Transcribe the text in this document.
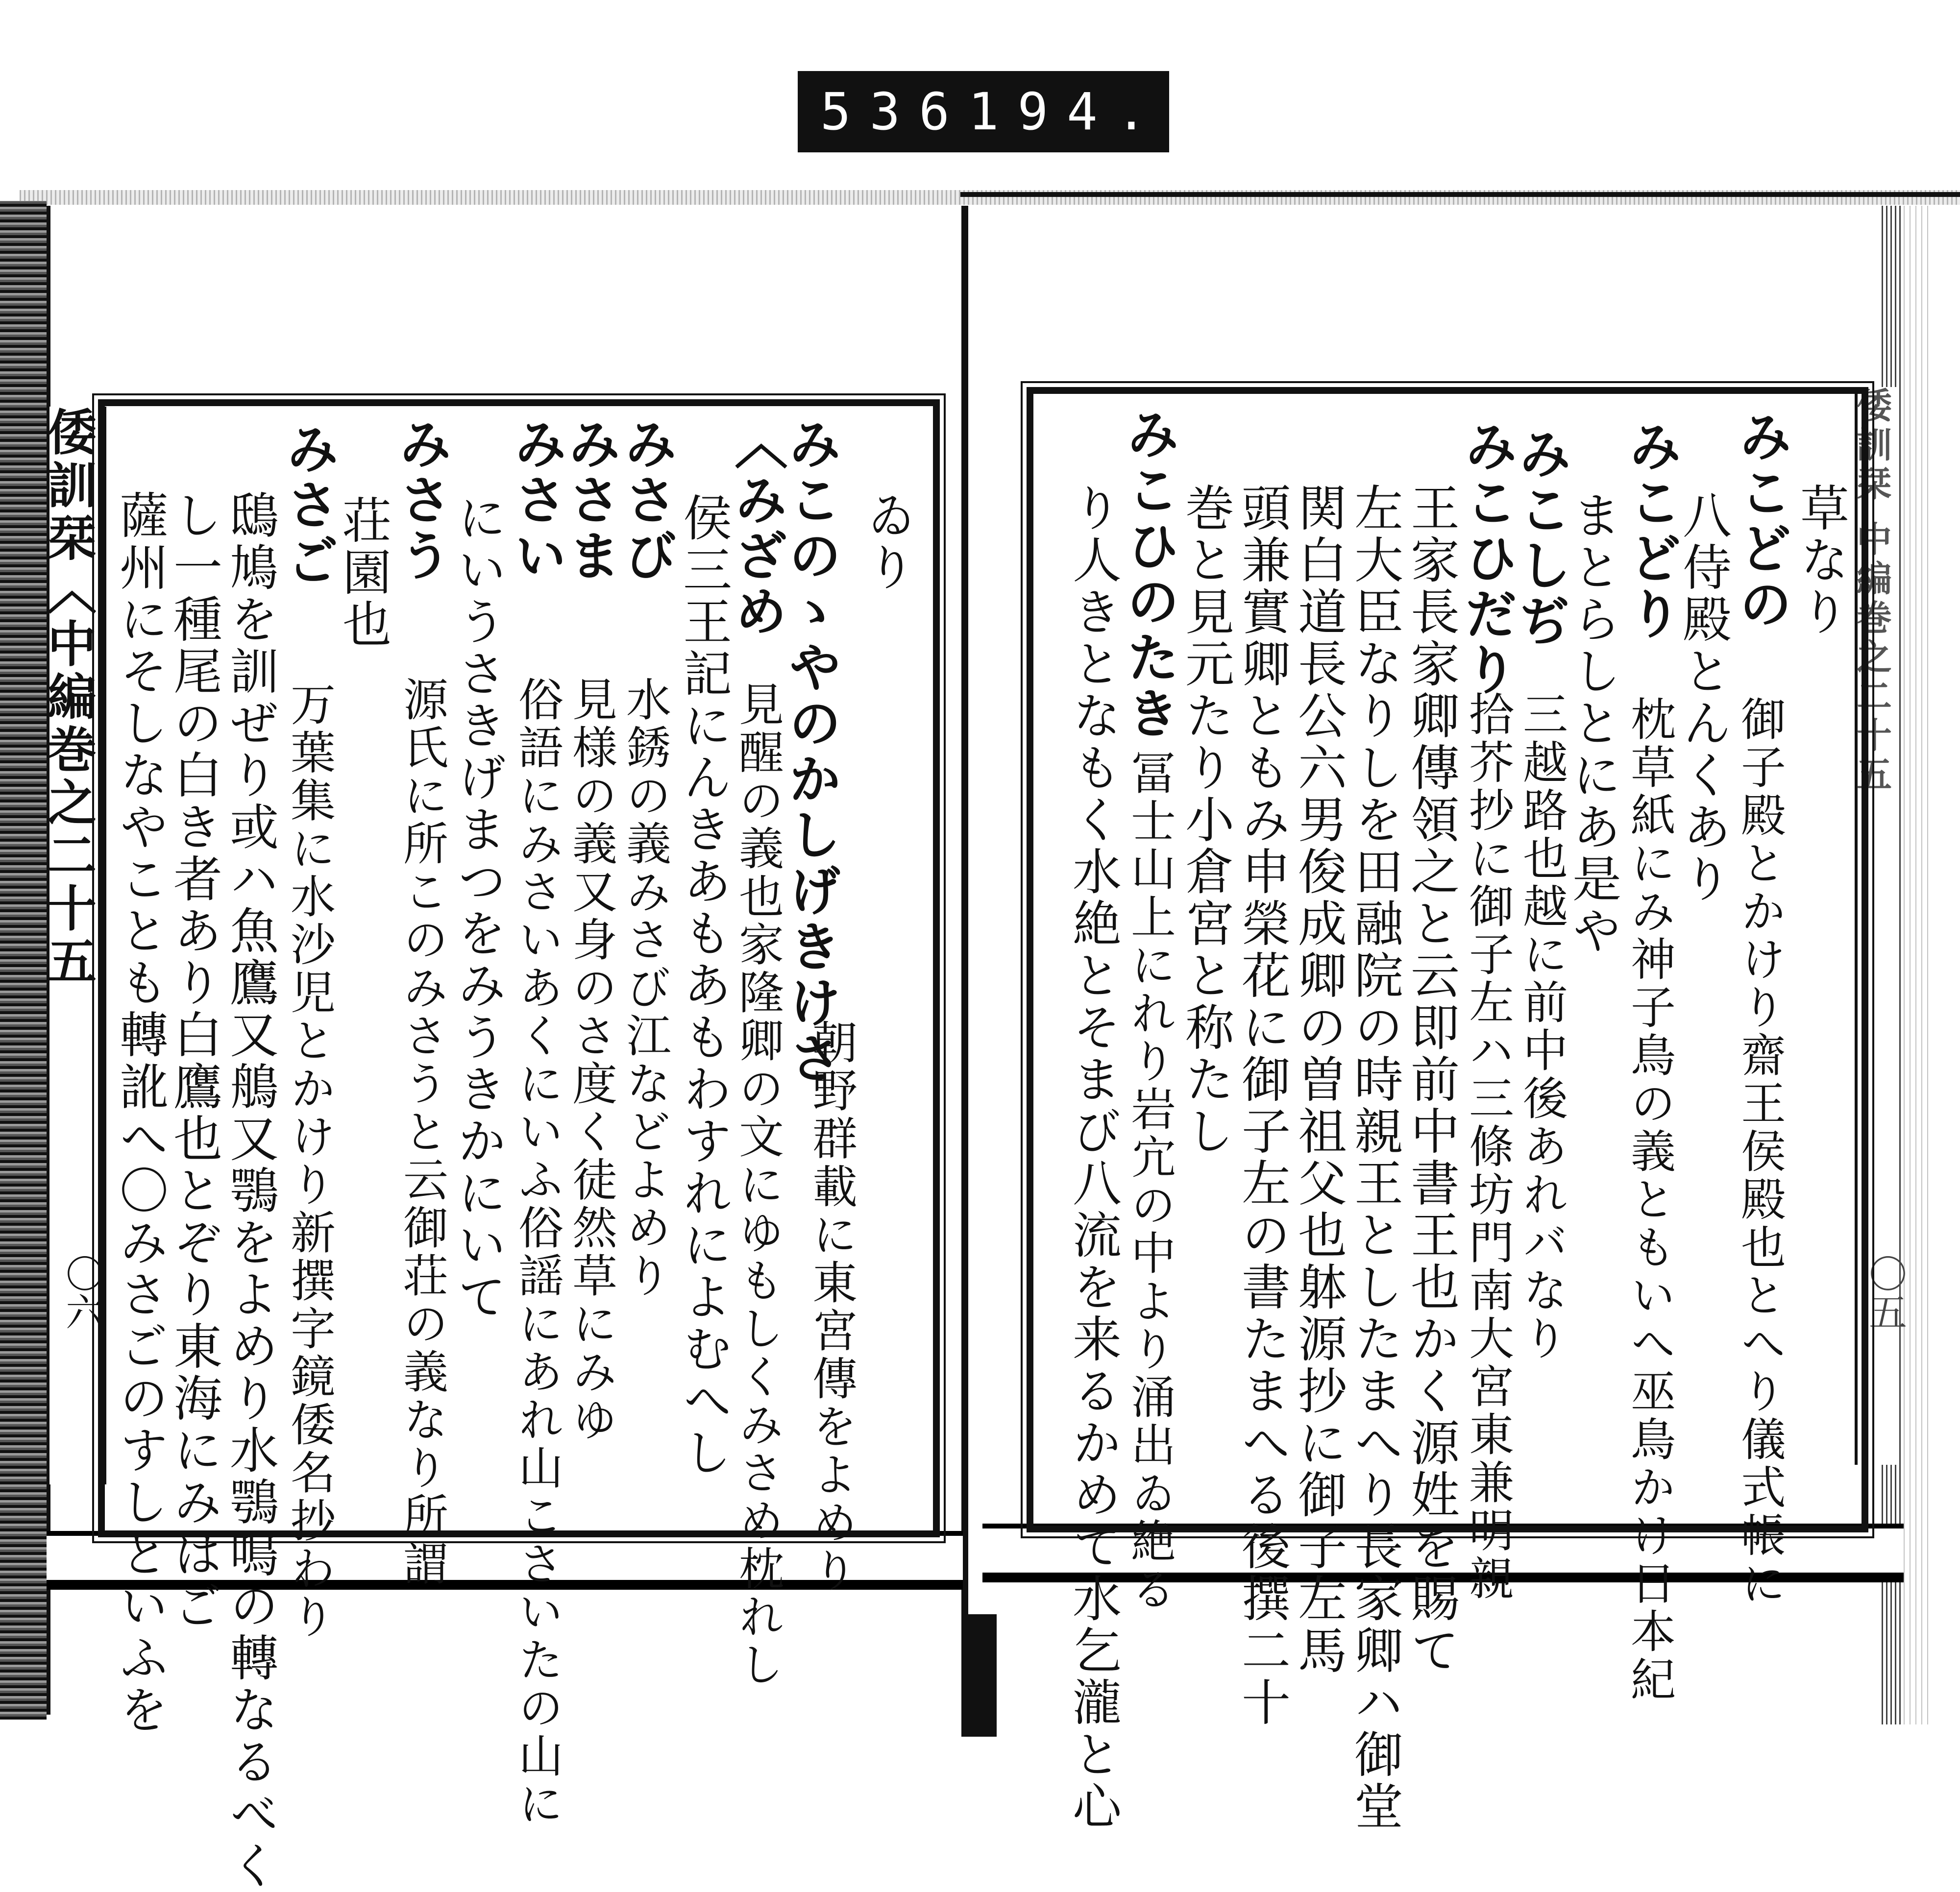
536 194.
倭訓栞〈中編巻之二十五
〇六
倭訓栞 中編巻之二十五
〇五
草なり
みこどの
御子殿とかけり齋王侯殿也とへり儀式帳に
八侍殿とんくあり
みこどり
枕草紙にみ神子鳥の義ともいへ巫鳥かけ日本紀
まとらしとにあ是や
みこしぢ
三越路也越に前中後あれバなり
みこひだり
拾芥抄に御子左ハ三條坊門南大宮東兼明親
王家長家卿傳領之と云即前中書王也かく源姓を賜て
左大臣なりしを田融院の時親王としたまへり長家卿ハ御堂
関白道長公六男俊成卿の曽祖父也躰源抄に御子左馬
頭兼實卿ともみ申榮花に御子左の書たまへる後撰二十
巻と見元たり小倉宮と称たし
みこひのたき
冨士山上にれり岩宂の中より涌出ゐ絶る
り人きとなもく水絶とそまび八流を来るかめて水乞瀧と心
ゐり
みこのゝやのかしげきけさ
朝野群載に東宮傳をよめり
〈みざめ
見醒の義也家隆卿の文にゆもしくみさめ枕れし
侯三王記にんきあもあもわすれによむへし
みさび
水銹の義みさび江などよめり
みさま
見様の義又身のさ度く徒然草にみゆ
みさい
俗語にみさいあくにいふ俗謡にあれ山こさいたの山に
にいうさきげまつをみうきかにいて
みさう
源氏に所このみさうと云御荘の義なり所謂
荘園也
みさご
万葉集に水沙児とかけり新撰字鏡倭名抄わり
鴟鳩を訓ぜり或ハ魚鷹又鵃又鶚をよめり水鶚鳴の轉なるべく
し一種尾の白き者あり白鷹也とぞり東海にみはご
薩州にそしなやことも轉訛へ〇みさごのすしといふを
